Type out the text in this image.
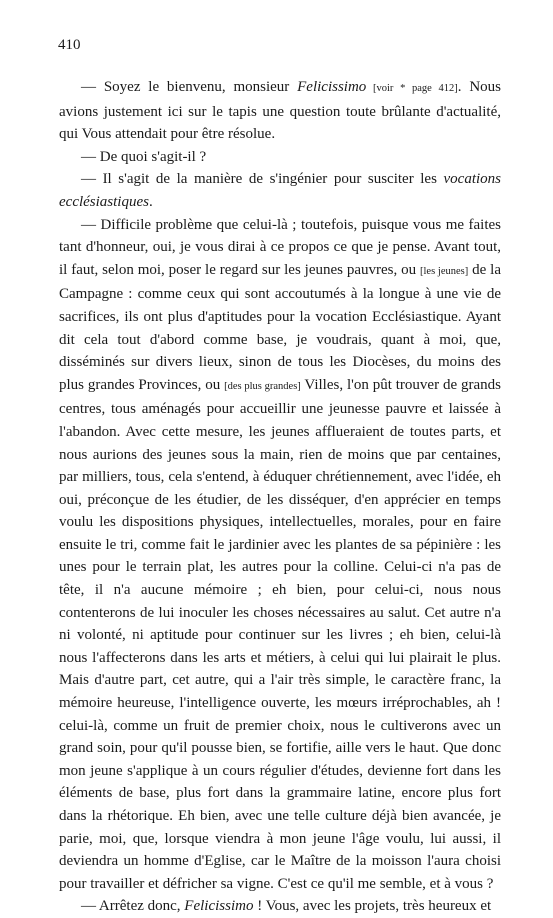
410

— Soyez le bienvenu, monsieur Felicissimo [voir * page 412]. Nous avions justement ici sur le tapis une question toute brûlante d'actualité, qui Vous attendait pour être résolue.

— De quoi s'agit-il ?

— Il s'agit de la manière de s'ingénier pour susciter les vocations ecclésiastiques.

— Difficile problème que celui-là ; toutefois, puisque vous me faites tant d'honneur, oui, je vous dirai à ce propos ce que je pense. Avant tout, il faut, selon moi, poser le regard sur les jeunes pauvres, ou [les jeunes] de la Campagne : comme ceux qui sont accoutumés à la longue à une vie de sacrifices, ils ont plus d'aptitudes pour la vocation Ecclésiastique. Ayant dit cela tout d'abord comme base, je voudrais, quant à moi, que, disséminés sur divers lieux, sinon de tous les Diocèses, du moins des plus grandes Provinces, ou [des plus grandes] Villes, l'on pût trouver de grands centres, tous aménagés pour accueillir une jeunesse pauvre et laissée à l'abandon. Avec cette mesure, les jeunes afflueraient de toutes parts, et nous aurions des jeunes sous la main, rien de moins que par centaines, par milliers, tous, cela s'entend, à éduquer chrétiennement, avec l'idée, eh oui, préconçue de les étudier, de les disséquer, d'en apprécier en temps voulu les dispositions physiques, intellectuelles, morales, pour en faire ensuite le tri, comme fait le jardinier avec les plantes de sa pépinière : les unes pour le terrain plat, les autres pour la colline. Celui-ci n'a pas de tête, il n'a aucune mémoire ; eh bien, pour celui-ci, nous nous contenterons de lui inoculer les choses nécessaires au salut. Cet autre n'a ni volonté, ni aptitude pour continuer sur les livres ; eh bien, celui-là nous l'affecterons dans les arts et métiers, à celui qui lui plairait le plus. Mais d'autre part, cet autre, qui a l'air très simple, le caractère franc, la mémoire heureuse, l'intelligence ouverte, les mœurs irréprochables, ah ! celui-là, comme un fruit de premier choix, nous le cultiverons avec un grand soin, pour qu'il pousse bien, se fortifie, aille vers le haut. Que donc mon jeune s'applique à un cours régulier d'études, devienne fort dans les éléments de base, plus fort dans la grammaire latine, encore plus fort dans la rhétorique. Eh bien, avec une telle culture déjà bien avancée, je parie, moi, que, lorsque viendra à mon jeune l'âge voulu, lui aussi, il deviendra un homme d'Eglise, car le Maître de la moisson l'aura choisi pour travailler et défricher sa vigne. C'est ce qu'il me semble, et à vous ?

— Arrêtez donc, Felicissimo ! Vous, avec les projets, très heureux et
